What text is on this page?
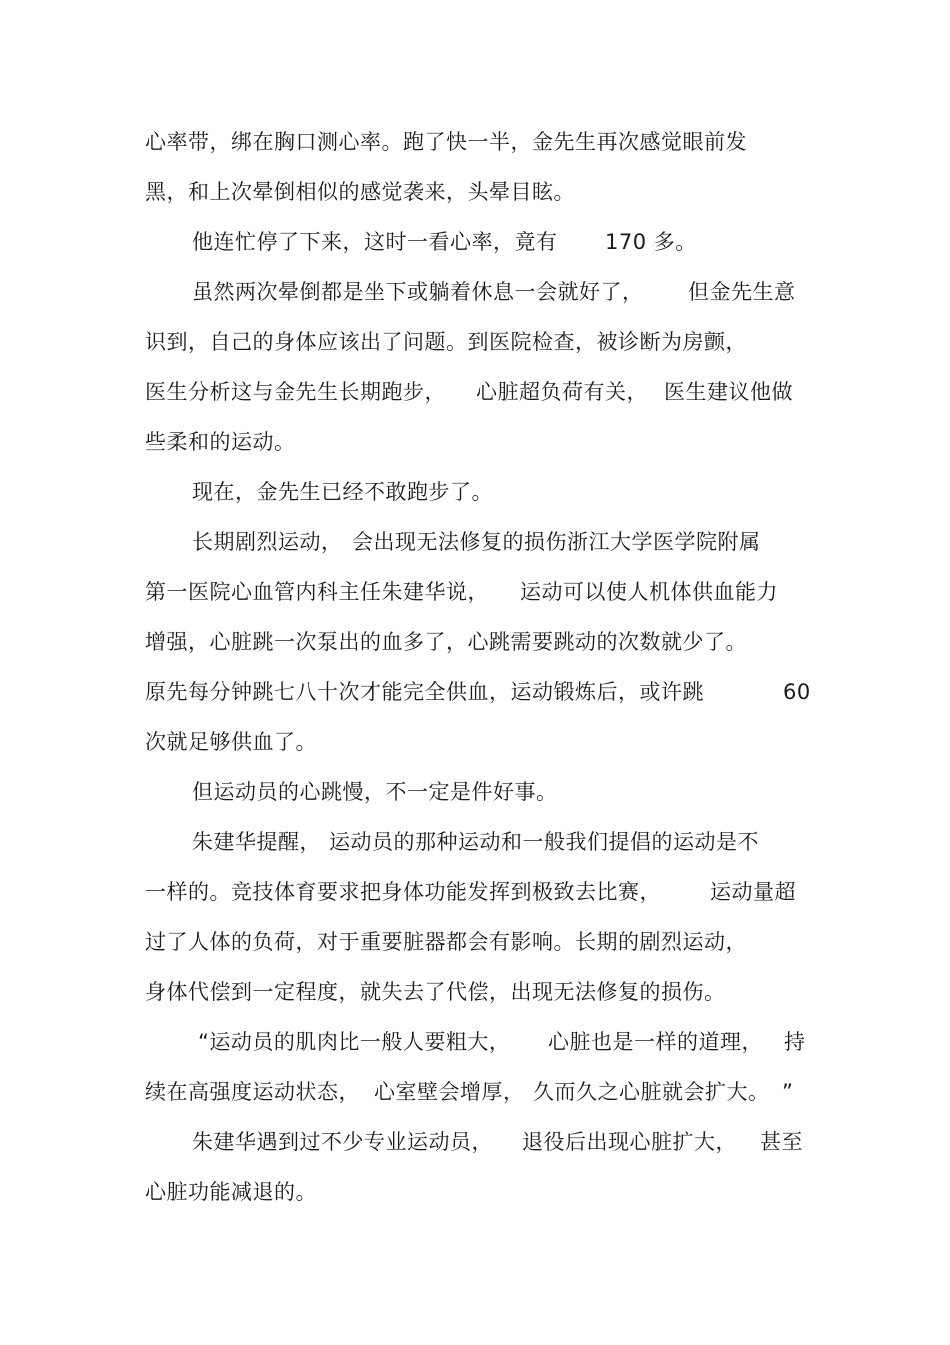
心率带，绑在胸口测心率。跑了快一半，金先生再次感觉眼前发
黑，和上次晕倒相似的感觉袭来，头晕目眩。
他连忙停了下来，这时一看心率，竟有 170 多。
虽然两次晕倒都是坐下或躺着休息一会就好了， 但金先生意
识到，自己的身体应该出了问题。到医院检查，被诊断为房颤，
医生分析这与金先生长期跑步， 心脏超负荷有关， 医生建议他做
些柔和的运动。
现在，金先生已经不敢跑步了。
长期剧烈运动， 会出现无法修复的损伤浙江大学医学院附属
第一医院心血管内科主任朱建华说， 运动可以使人机体供血能力
增强，心脏跳一次泵出的血多了，心跳需要跳动的次数就少了。
原先每分钟跳七八十次才能完全供血，运动锻炼后，或许跳	60
次就足够供血了。
但运动员的心跳慢，不一定是件好事。
朱建华提醒， 运动员的那种运动和一般我们提倡的运动是不
一样的。竞技体育要求把身体功能发挥到极致去比赛， 运动量超
过了人体的负荷，对于重要脏器都会有影响。长期的剧烈运动，
身体代偿到一定程度，就失去了代偿，出现无法修复的损伤。
“运动员的肌肉比一般人要粗大， 心脏也是一样的道理， 持
续在高强度运动状态， 心室壁会增厚， 久而久之心脏就会扩大。 ”
朱建华遇到过不少专业运动员， 退役后出现心脏扩大， 甚至
心脏功能减退的。
